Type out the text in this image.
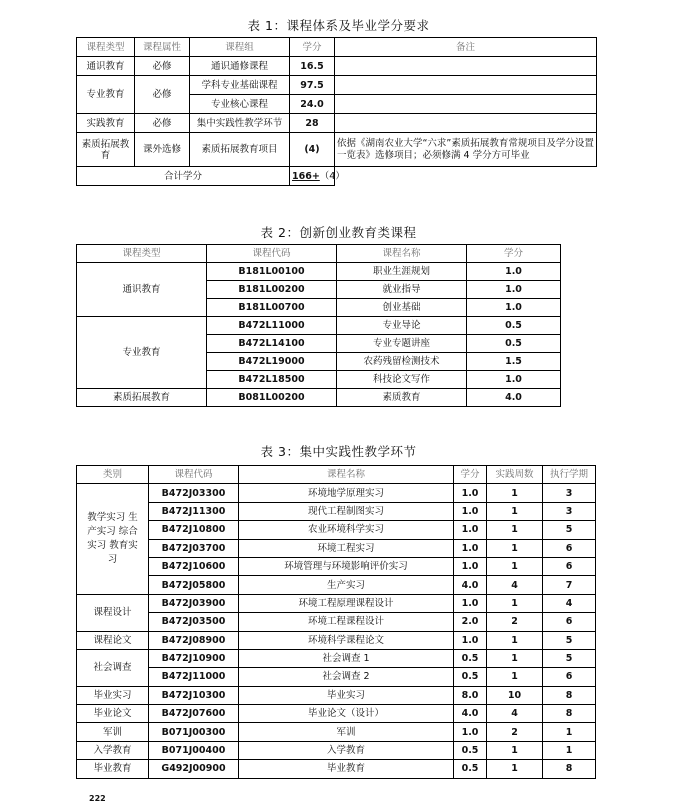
表 1：课程体系及毕业学分要求
课程类型	课程属性	课程组	学分	备注
通识教育	必修	通识通修课程	16.5	
专业教育	必修	学科专业基础课程	97.5	
		专业核心课程	24.0	
实践教育	必修	集中实践性教学环节	28	
素质拓展教育	课外选修	素质拓展教育项目	(4)	依据《湖南农业大学“六求”素质拓展教育常规项目及学分设置一览表》选修项目；必须修满 4 学分方可毕业
合计学分			166+（4）	
表 2：创新创业教育类课程
课程类型	课程代码	课程名称	学分
通识教育	B181L00100	职业生涯规划	1.0
	B181L00200	就业指导	1.0
	B181L00700	创业基础	1.0
专业教育	B472L11000	专业导论	0.5
	B472L14100	专业专题讲座	0.5
	B472L19000	农药残留检测技术	1.5
	B472L18500	科技论文写作	1.0
素质拓展教育	B081L00200	素质教育	4.0
表 3：集中实践性教学环节
类别	课程代码	课程名称	学分	实践周数	执行学期
教学实习 生产实习 综合实习 教育实习	B472J03300	环境地学原理实习	1.0	1	3
	B472J11300	现代工程制图实习	1.0	1	3
	B472J10800	农业环境科学实习	1.0	1	5
	B472J03700	环境工程实习	1.0	1	6
	B472J10600	环境管理与环境影响评价实习	1.0	1	6
	B472J05800	生产实习	4.0	4	7
课程设计	B472J03900	环境工程原理课程设计	1.0	1	4
	B472J03500	环境工程课程设计	2.0	2	6
课程论文	B472J08900	环境科学课程论文	1.0	1	5
社会调查	B472J10900	社会调查 1	0.5	1	5
	B472J11000	社会调查 2	0.5	1	6
毕业实习	B472J10300	毕业实习	8.0	10	8
毕业论文	B472J07600	毕业论文（设计）	4.0	4	8
军训	B071J00300	军训	1.0	2	1
入学教育	B071J00400	入学教育	0.5	1	1
毕业教育	G492J00900	毕业教育	0.5	1	8
222
